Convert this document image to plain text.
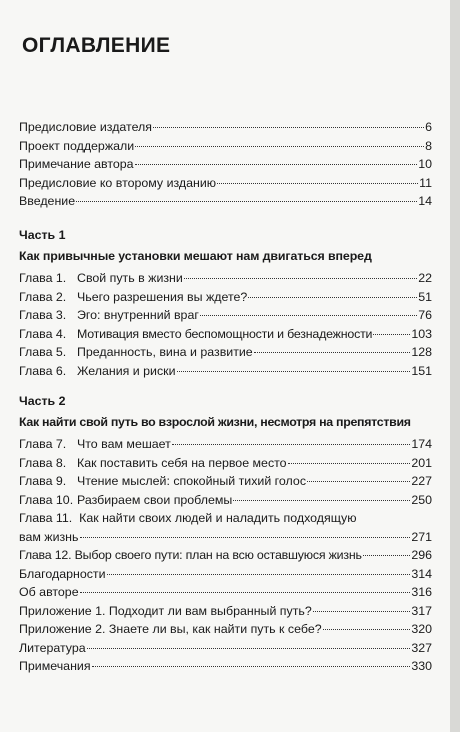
ОГЛАВЛЕНИЕ
Предисловие издателя	6
Проект поддержали	8
Примечание автора	10
Предисловие ко второму изданию	11
Введение	14
Часть 1
Как привычные установки мешают нам двигаться вперед
Глава 1. Свой путь в жизни	22
Глава 2. Чьего разрешения вы ждете?	51
Глава 3. Эго: внутренний враг	76
Глава 4. Мотивация вместо беспомощности и безнадежности	103
Глава 5. Преданность, вина и развитие	128
Глава 6. Желания и риски	151
Часть 2
Как найти свой путь во взрослой жизни, несмотря на препятствия
Глава 7. Что вам мешает	174
Глава 8. Как поставить себя на первое место	201
Глава 9. Чтение мыслей: спокойный тихий голос	227
Глава 10. Разбираем свои проблемы	250
Глава 11.  Как найти своих людей и наладить подходящую
вам жизнь	271
Глава 12. Выбор своего пути: план на всю оставшуюся жизнь	296
Благодарности	314
Об авторе	316
Приложение 1. Подходит ли вам выбранный путь?	317
Приложение 2. Знаете ли вы, как найти путь к себе?	320
Литература	327
Примечания	330
